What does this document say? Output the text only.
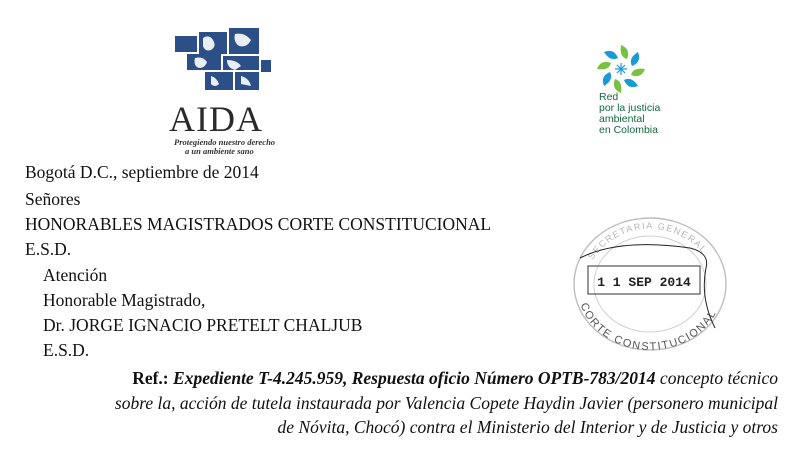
AIDA
Protegiendo nuestro derecho
a un ambiente sano
Red
por la justicia
ambiental
en Colombia
SECRETARIA GENERAL
CORTE CONSTITUCIONAL
1 1 SEP 2014
Bogotá D.C., septiembre de 2014
Señores
HONORABLES MAGISTRADOS CORTE CONSTITUCIONAL
E.S.D.
Atención
Honorable Magistrado,
Dr. JORGE IGNACIO PRETELT CHALJUB
E.S.D.
Ref.: Expediente T-4.245.959, Respuesta oficio Número OPTB-783/2014 concepto técnico
sobre la, acción de tutela instaurada por Valencia Copete Haydin Javier (personero municipal
de Nóvita, Chocó) contra el Ministerio del Interior y de Justicia y otros
